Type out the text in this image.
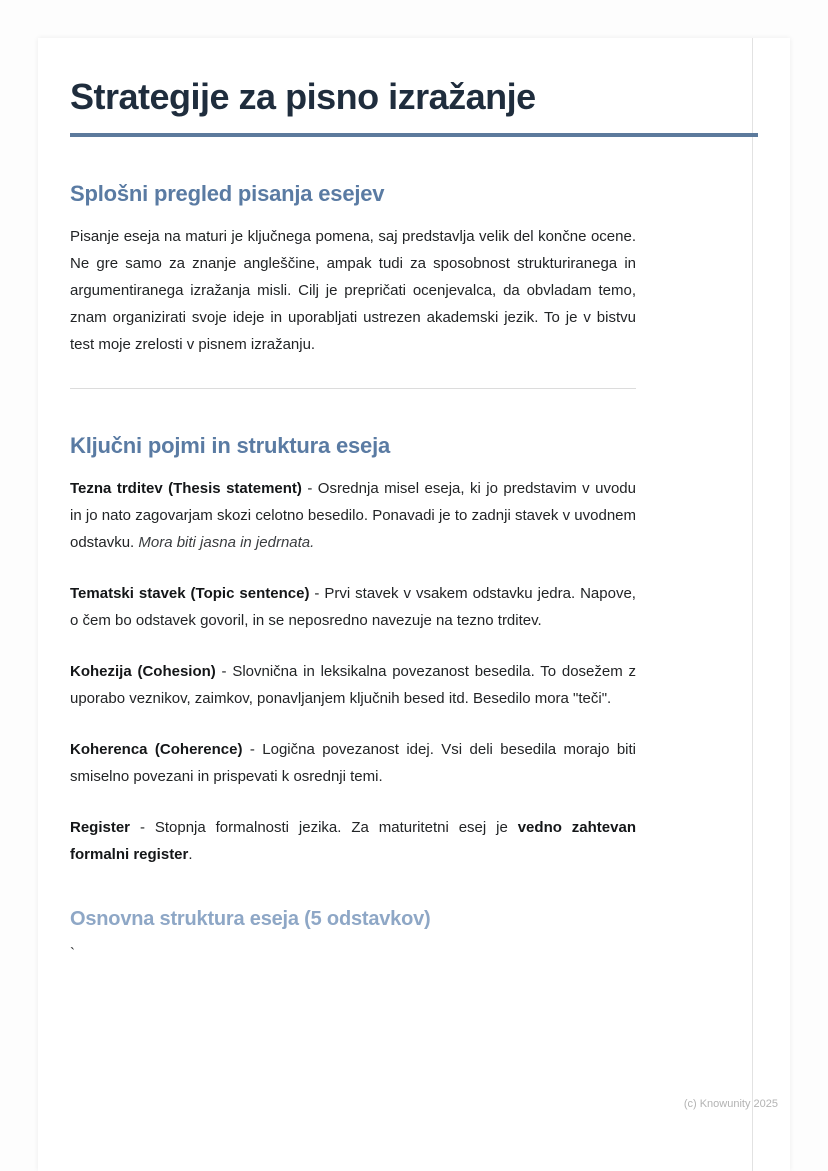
Strategije za pisno izražanje
Splošni pregled pisanja esejev

Pisanje eseja na maturi je ključnega pomena, saj predstavlja velik del končne ocene. Ne gre samo za znanje angleščine, ampak tudi za sposobnost strukturiranega in argumentiranega izražanja misli. Cilj je prepričati ocenjevalca, da obvladam temo, znam organizirati svoje ideje in uporabljati ustrezen akademski jezik. To je v bistvu test moje zrelosti v pisnem izražanju.

Ključni pojmi in struktura eseja

Tezna trditev (Thesis statement) - Osrednja misel eseja, ki jo predstavim v uvodu in jo nato zagovarjam skozi celotno besedilo. Ponavadi je to zadnji stavek v uvodnem odstavku. Mora biti jasna in jedrnata.

Tematski stavek (Topic sentence) - Prvi stavek v vsakem odstavku jedra. Napove, o čem bo odstavek govoril, in se neposredno navezuje na tezno trditev.

Kohezija (Cohesion) - Slovnična in leksikalna povezanost besedila. To dosežem z uporabo veznikov, zaimkov, ponavljanjem ključnih besed itd. Besedilo mora "teči".

Koherenca (Coherence) - Logična povezanost idej. Vsi deli besedila morajo biti smiselno povezani in prispevati k osrednji temi.

Register - Stopnja formalnosti jezika. Za maturitetni esej je vedno zahtevan formalni register.

Osnovna struktura eseja (5 odstavkov)

`

(c) Knowunity 2025
